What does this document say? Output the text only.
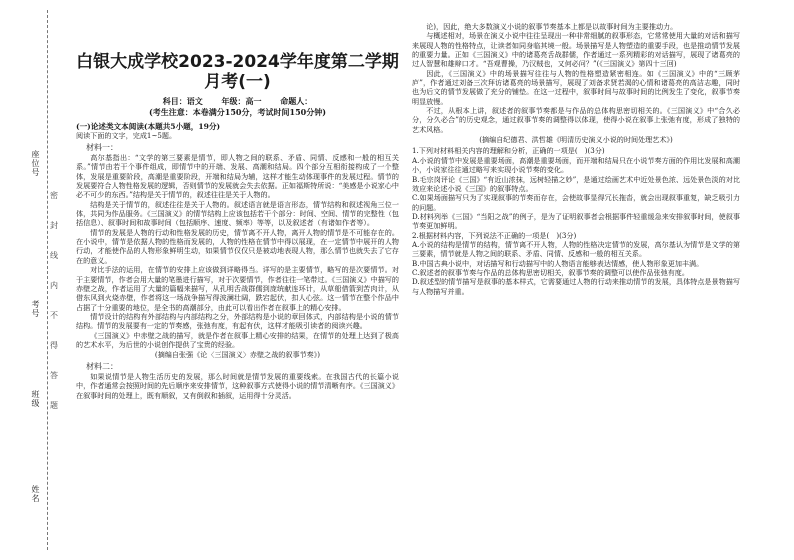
座位号
考号
班级
姓名
密
封
线
内
不
得
答
题
白银大成学校2023-2024学年度第二学期月考(一)
科目：语文 年级：高一 命题人：
(考生注意：本卷满分150分，考试时间150分钟)
(一)论述类文本阅读(本题共5小题，19分)
阅读下面的文字，完成1~5题。
材料一：

高尔基指出：“文学的第三要素是情节，即人物之间的联系、矛盾、同情、反感和一般的相互关系。”情节由若干个事件组成，即情节中的开端、发展、高潮和结局。四个部分互相衔接构成了一个整体，发展是重要阶段，高潮是重要阶段，开端和结局为辅，这样才能生动体现事件的发展过程。情节的发展要符合人物性格发展的逻辑，否则情节的发展就会失去依据。正如福斯特所说：“美感是小说家心中必不可少的东西。”结构是关于情节的，叙述往往是关于人物的。

结构是关于情节的，叙述往往是关于人物的。叙述语言就是语言形态，情节结构和叙述视角三位一体，共同为作品服务。《三国演义》的情节结构上应该包括若干个部分：时间、空间、情节的完整性（包括信息）、叙事时间和故事时间（包括顺序、速度、频率）等等，以及叙述者（有诸如作者等）。

情节的发展是人物的行动和性格发展的历史，情节离不开人物，离开人物的情节是不可能存在的。在小说中，情节是依据人物的性格而发展的，人物的性格在情节中得以展现，在一定情节中展开的人物行动，才能使作品的人物形象鲜明生动，如果情节仅仅只是被动地表现人物，那么情节也就失去了它存在的意义。

对比手法的运用，在情节的安排上应该做到详略得当。详写的是主要情节，略写的是次要情节。对于主要情节，作者会用大量的笔墨进行描写，对于次要情节，作者往往一笔带过。《三国演义》中描写的赤壁之战，作者运用了大量的篇幅来描写，从孔明舌战群儒到庞统献连环计，从草船借箭到苦肉计，从借东风到火烧赤壁，作者将这一场战争描写得波澜壮阔，跌宕起伏，扣人心弦。这一情节在整个作品中占据了十分重要的地位，是全书的高潮部分，由此可以看出作者在叙事上的精心安排。

情节设计的结构有外部结构与内部结构之分，外部结构是小说的章回体式，内部结构是小说的情节结构。情节的发展要有一定的节奏感，张弛有度，有起有伏，这样才能吸引读者的阅读兴趣。

《三国演义》中赤壁之战的描写，就是作者在叙事上精心安排的结果，在情节的处理上达到了极高的艺术水平，为后世的小说创作提供了宝贵的经验。

(摘编自张强《论〈三国演义〉赤壁之战的叙事节奏》)
材料二：

如果说情节是人物生活历史的发展，那么时间就是情节发展的重要线索。在我国古代的长篇小说中，作者通常会按照时间的先后顺序来安排情节，这种叙事方式使得小说的情节清晰有序。《三国演义》在叙事时间的处理上，既有顺叙，又有倒叙和插叙，运用得十分灵活。

论)，因此，绝大多数演义小说的叙事节奏基本上都是以故事时间为主要推动力。

与概述相对，场景在演义小说中往往呈现出一种非常细腻的叙事形态，它常常使用大量的对话和描写来展现人物的性格特点，让读者如同身临其境一般。场景描写是人物塑造的重要手段，也是推动情节发展的重要力量。正如《三国演义》中的诸葛亮舌战群儒，作者通过一系列精彩的对话描写，展现了诸葛亮的过人智慧和雄辩口才。“吾观曹操，乃汉贼也，又何必问？”(《三国演义》第四十三回)

因此，《三国演义》中的场景描写往往与人物的性格塑造紧密相连。如《三国演义》中的“三顾茅庐”，作者通过刘备三次拜访诸葛亮的场景描写，展现了刘备求贤若渴的心情和诸葛亮的高洁志趣，同时也为后文的情节发展做了充分的铺垫。在这一过程中，叙事时间与故事时间的比例发生了变化，叙事节奏明显放慢。

不过，从根本上讲，叙述者的叙事节奏都是与作品的总体构思密切相关的。《三国演义》中“合久必分，分久必合”的历史观念，通过叙事节奏的调整得以体现，使得小说在叙事上张弛有度，形成了独特的艺术风格。

(摘编自纪德君、洪哲雄《明清历史演义小说的时间处理艺术》)
1.下列对材料相关内容的理解和分析，正确的一项是(　)(3分)
A.小说的情节中发展是重要场面，高潮是重要场面，而开端和结局只在小说节奏方面的作用比发展和高潮小，小说家往往通过略写来实现小说节奏的变化。
B.毛宗岗评论《三国》“有近山浓抹，远树轻描之妙”，是通过绘画艺术中近处景色浓、远处景色淡的对比效应来论述小说《三国》的叙事特点。
C.如果场面描写只为了实现叙事的节奏而存在，会使故事显得冗长拖沓，就会出现叙事重复，缺乏吸引力的问题。
D.材料列举《三国》“当阳之战”的例子，是为了证明叙事者会根据事件轻重缓急来安排叙事时间，使叙事节奏更加鲜明。
2.根据材料内容，下列说法不正确的一项是(　)(3分)
A.小说的结构是情节的结构，情节离不开人物，人物的性格决定情节的发展，高尔基认为情节是文学的第三要素，情节就是人物之间的联系、矛盾、同情、反感和一般的相互关系。
B.中国古典小说中，对话描写和行动描写中的人物语言能够表达情感，使人物形象更加丰满。
C.叙述者的叙事节奏与作品的总体构思密切相关，叙事节奏的调整可以使作品张弛有度。
D.叙述型的情节描写是叙事的基本样式，它需要通过人物的行动来推动情节的发展，具体特点是景物描写与人物描写并重。
